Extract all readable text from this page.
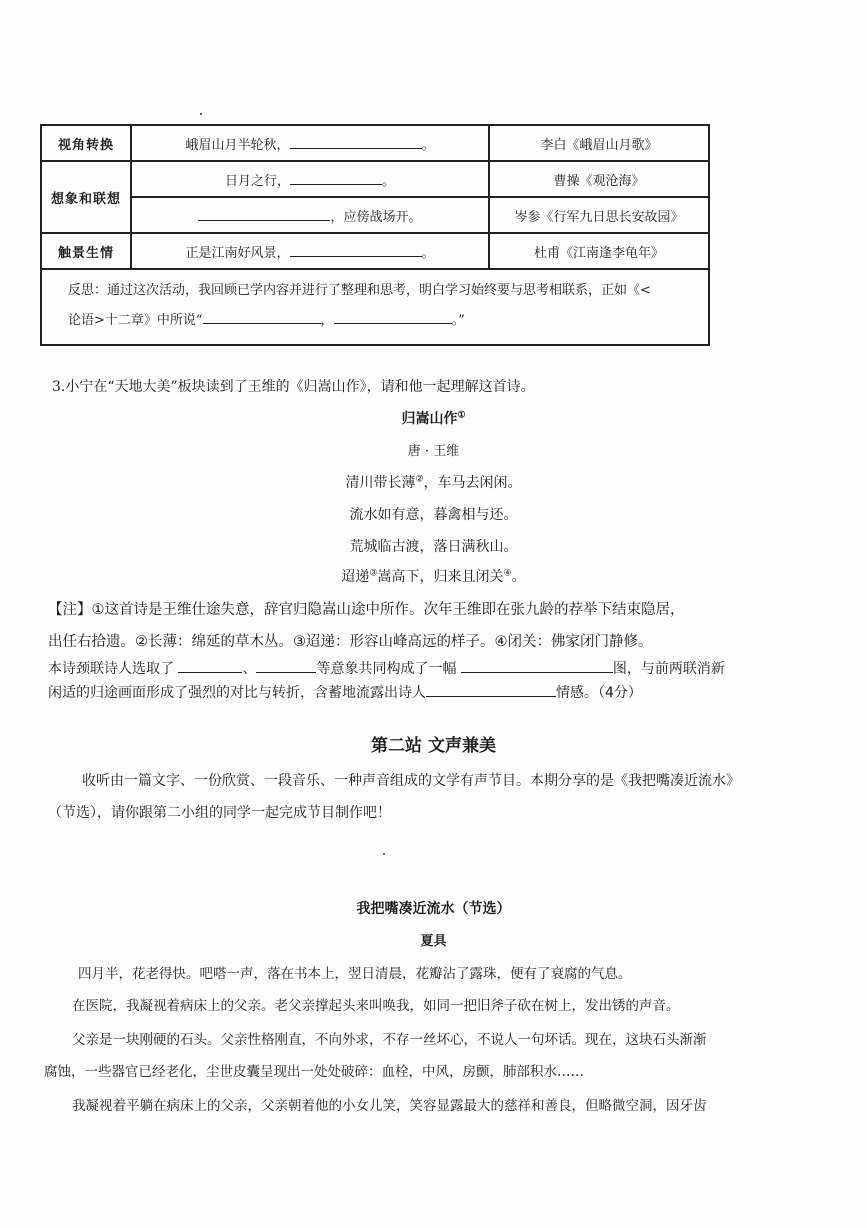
视角转换	峨眉山月半轮秋， 。	李白《峨眉山月歌》
想象和联想	日月之行， 。	曹操《观沧海》
	，应傍战场开。	岑参《行军九日思长安故园》
触景生情	正是江南好风景， 。	杜甫《江南逢李龟年》

反思：通过这次活动，我回顾已学内容并进行了整理和思考，明白学习始终要与思考相联系，正如《<
论语>十二章》中所说“ ， 。”		
3.小宁在“天地大美”板块读到了王维的《归嵩山作》，请和他一起理解这首诗。
归嵩山作①
唐 · 王维
清川带长薄②，车马去闲闲。
流水如有意，暮禽相与还。
荒城临古渡，落日满秋山。
迢递③嵩高下，归来且闭关④。
【注】①这首诗是王维仕途失意，辞官归隐嵩山途中所作。次年王维即在张九龄的荐举下结束隐居，
出任右拾遗。②长薄：绵延的草木丛。③迢递：形容山峰高远的样子。④闭关：佛家闭门静修。
本诗颈联诗人选取了	、	等意象共同构成了一幅	图，与前两联消新
闲适的归途画面形成了强烈的对比与转折，含蓄地流露出诗人	情感。（4分）
第二站 文声兼美
收听由一篇文字、一份欣赏、一段音乐、一种声音组成的文学有声节目。本期分享的是《我把嘴凑近流水》
（节选），请你跟第二小组的同学一起完成节目制作吧！
我把嘴凑近流水（节选）
夏具
四月半，花老得快。吧嗒一声，落在书本上，翌日清晨，花瓣沾了露珠，便有了衰腐的气息。
在医院，我凝视着病床上的父亲。老父亲撑起头来叫唤我，如同一把旧斧子砍在树上，发出锈的声音。
父亲是一块刚硬的石头。父亲性格刚直，不向外求，不存一丝坏心，不说人一句坏话。现在，这块石头渐渐
腐蚀，一些器官已经老化，尘世皮囊呈现出一处处破碎：血栓，中风，房颤，肺部积水……
我凝视着平躺在病床上的父亲，父亲朝着他的小女儿笑，笑容显露最大的慈祥和善良，但略微空洞，因牙齿
